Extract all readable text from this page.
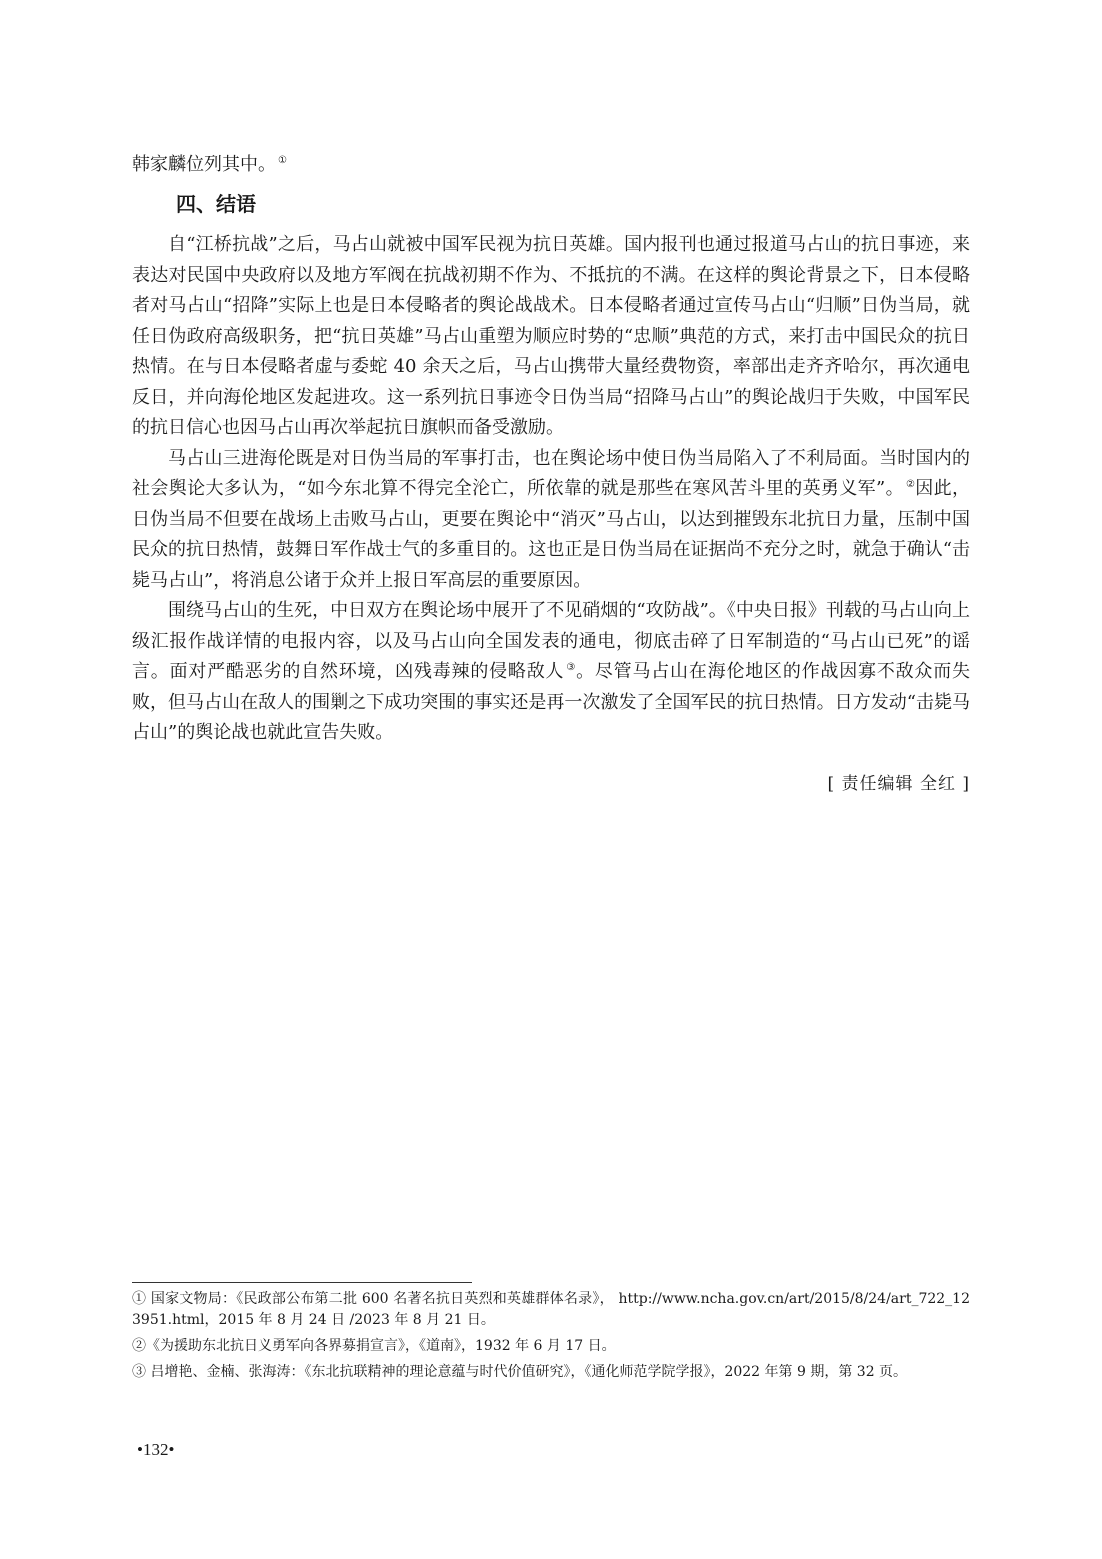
韩家麟位列其中。 ①

四、结语

自“江桥抗战”之后，马占山就被中国军民视为抗日英雄。国内报刊也通过报道马占山的抗日事迹，来表达对民国中央政府以及地方军阀在抗战初期不作为、不抵抗的不满。在这样的舆论背景之下，日本侵略者对马占山“招降”实际上也是日本侵略者的舆论战战术。日本侵略者通过宣传马占山“归顺”日伪当局，就任日伪政府高级职务，把“抗日英雄”马占山重塑为顺应时势的“忠顺”典范的方式，来打击中国民众的抗日热情。在与日本侵略者虚与委蛇 40 余天之后，马占山携带大量经费物资，率部出走齐齐哈尔，再次通电反日，并向海伦地区发起进攻。这一系列抗日事迹令日伪当局“招降马占山”的舆论战归于失败，中国军民的抗日信心也因马占山再次举起抗日旗帜而备受激励。

马占山三进海伦既是对日伪当局的军事打击，也在舆论场中使日伪当局陷入了不利局面。当时国内的社会舆论大多认为，“如今东北算不得完全沦亡，所依靠的就是那些在寒风苦斗里的英勇义军”。 ②因此，日伪当局不但要在战场上击败马占山，更要在舆论中“消灭”马占山，以达到摧毁东北抗日力量，压制中国民众的抗日热情，鼓舞日军作战士气的多重目的。这也正是日伪当局在证据尚不充分之时，就急于确认“击毙马占山”，将消息公诸于众并上报日军高层的重要原因。

围绕马占山的生死，中日双方在舆论场中展开了不见硝烟的“攻防战”。《中央日报》刊载的马占山向上级汇报作战详情的电报内容，以及马占山向全国发表的通电，彻底击碎了日军制造的“马占山已死”的谣言。面对严酷恶劣的自然环境，凶残毒辣的侵略敌人 ③。尽管马占山在海伦地区的作战因寡不敌众而失败，但马占山在敌人的围剿之下成功突围的事实还是再一次激发了全国军民的抗日热情。日方发动“击毙马占山”的舆论战也就此宣告失败。

[ 责任编辑 全红 ]

① 国家文物局：《民政部公布第二批 600 名著名抗日英烈和英雄群体名录》， http://www.ncha.gov.cn/art/2015/8/24/art_722_123951.html，2015 年 8 月 24 日 /2023 年 8 月 21 日。

②《为援助东北抗日义勇军向各界募捐宣言》，《道南》，1932 年 6 月 17 日。

③ 吕增艳、金楠、张海涛：《东北抗联精神的理论意蕴与时代价值研究》，《通化师范学院学报》，2022 年第 9 期，第 32 页。

•132•
